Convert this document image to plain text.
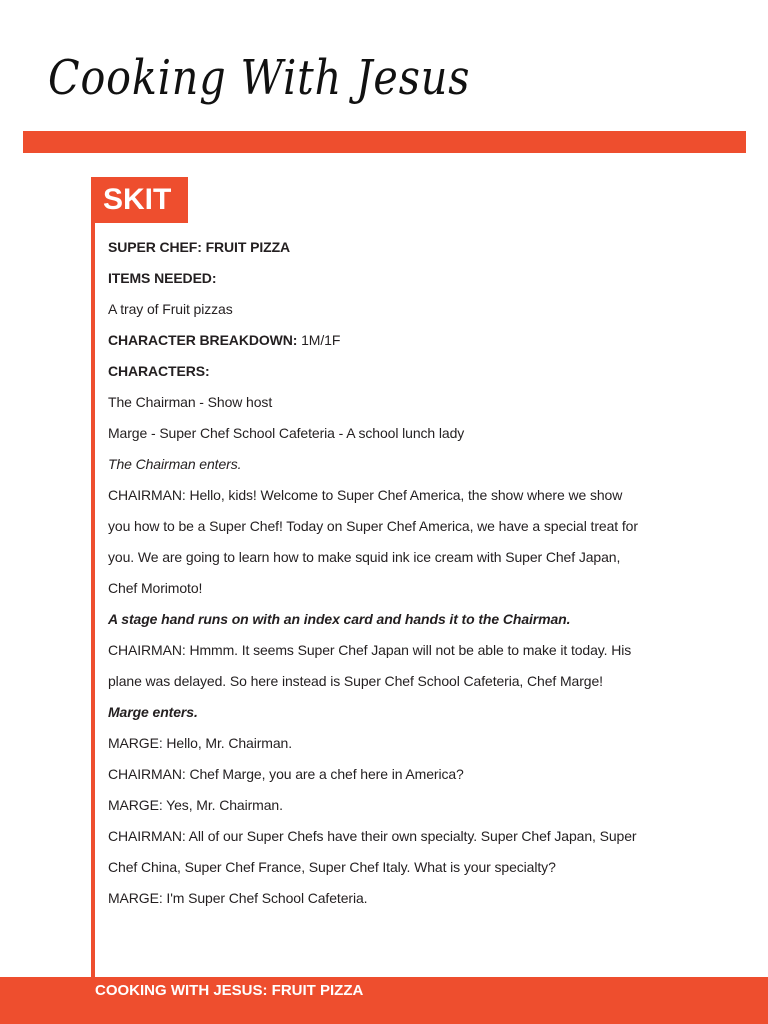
Cooking With Jesus
SKIT
SUPER CHEF: FRUIT PIZZA
ITEMS NEEDED:
A tray of Fruit pizzas
CHARACTER BREAKDOWN: 1M/1F
CHARACTERS:
The Chairman - Show host
Marge - Super Chef School Cafeteria - A school lunch lady
The Chairman enters.
CHAIRMAN: Hello, kids! Welcome to Super Chef America, the show where we show
you how to be a Super Chef! Today on Super Chef America, we have a special treat for
you. We are going to learn how to make squid ink ice cream with Super Chef Japan,
Chef Morimoto!
A stage hand runs on with an index card and hands it to the Chairman.
CHAIRMAN: Hmmm. It seems Super Chef Japan will not be able to make it today. His
plane was delayed. So here instead is Super Chef School Cafeteria, Chef Marge!
Marge enters.
MARGE: Hello, Mr. Chairman.
CHAIRMAN: Chef Marge, you are a chef here in America?
MARGE: Yes, Mr. Chairman.
CHAIRMAN: All of our Super Chefs have their own specialty. Super Chef Japan, Super
Chef China, Super Chef France, Super Chef Italy. What is your specialty?
MARGE: I'm Super Chef School Cafeteria.
COOKING WITH JESUS: FRUIT PIZZA
